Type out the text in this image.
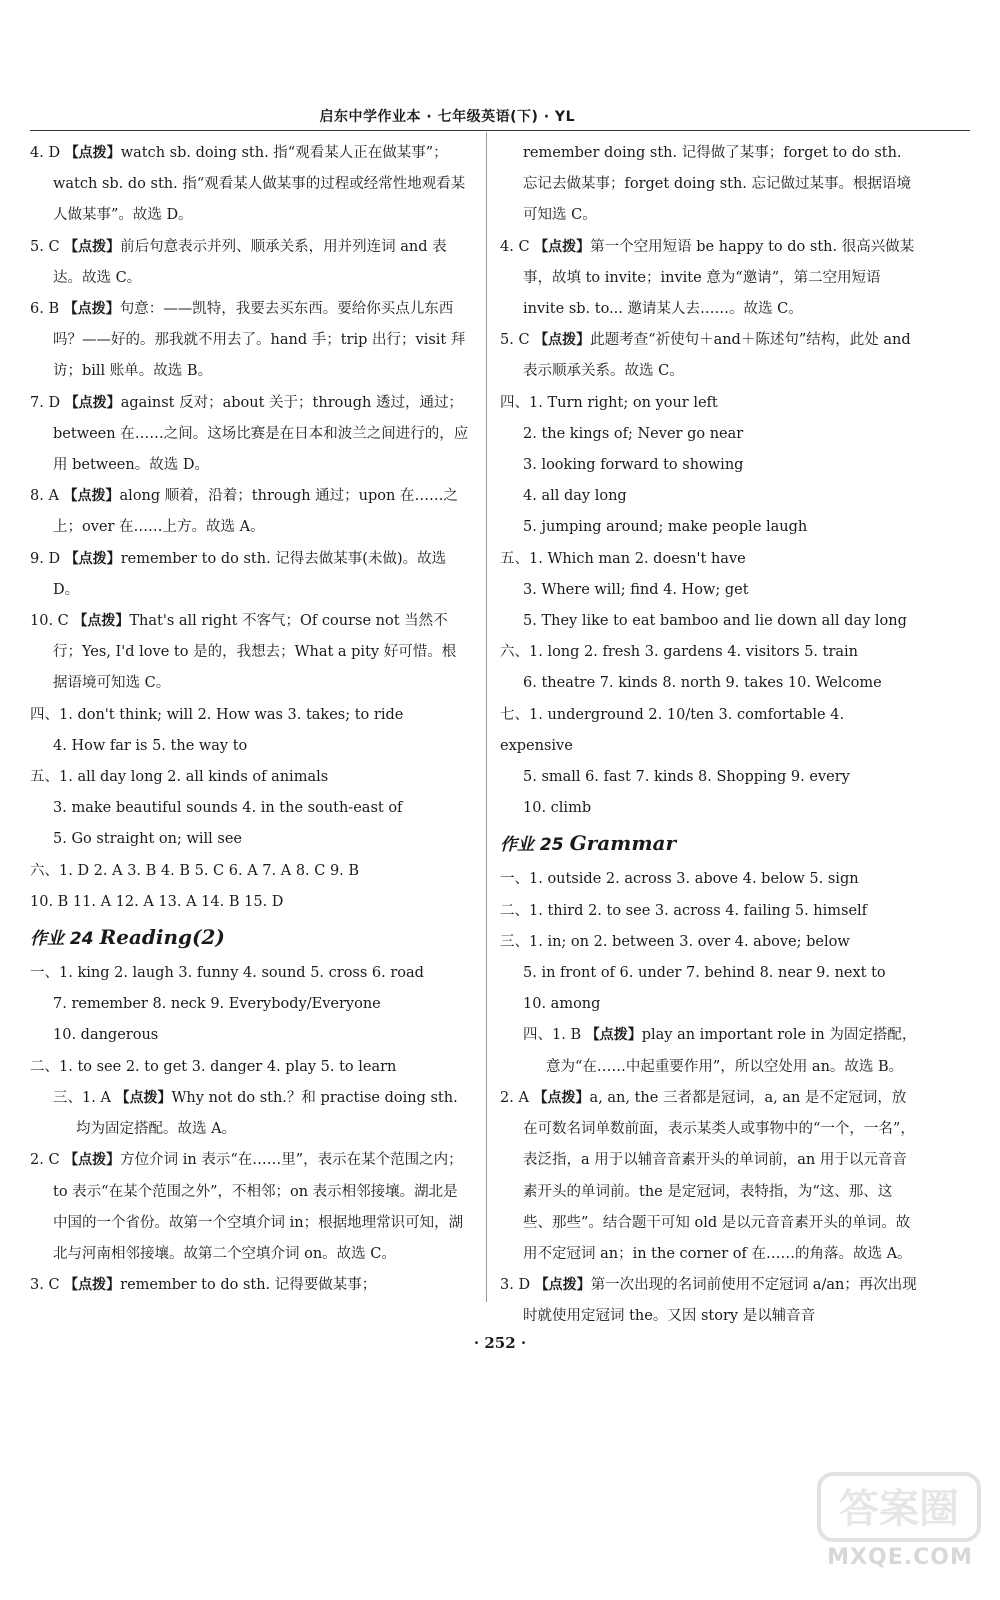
启东中学作业本 · 七年级英语(下) · YL
4. D 【点拨】watch sb. doing sth. 指“观看某人正在做某事”；watch sb. do sth. 指“观看某人做某事的过程或经常性地观看某人做某事”。故选 D。
5. C 【点拨】前后句意表示并列、顺承关系，用并列连词 and 表达。故选 C。
6. B 【点拨】句意：——凯特，我要去买东西。要给你买点儿东西吗？——好的。那我就不用去了。hand 手；trip 出行；visit 拜访；bill 账单。故选 B。
7. D 【点拨】against 反对；about 关于；through 透过，通过；between 在……之间。这场比赛是在日本和波兰之间进行的，应用 between。故选 D。
8. A 【点拨】along 顺着，沿着；through 通过；upon 在……之上；over 在……上方。故选 A。
9. D 【点拨】remember to do sth. 记得去做某事(未做)。故选 D。
10. C 【点拨】That's all right 不客气；Of course not 当然不行；Yes, I'd love to 是的，我想去；What a pity 好可惜。根据语境可知选 C。
四、1. don't think; will 2. How was 3. takes; to ride
4. How far is 5. the way to
五、1. all day long 2. all kinds of animals
3. make beautiful sounds 4. in the south-east of
5. Go straight on; will see
六、1. D 2. A 3. B 4. B 5. C 6. A 7. A 8. C 9. B
10. B 11. A 12. A 13. A 14. B 15. D
作业 24 Reading(2)
一、1. king 2. laugh 3. funny 4. sound 5. cross 6. road
7. remember 8. neck 9. Everybody/Everyone
10. dangerous
二、1. to see 2. to get 3. danger 4. play 5. to learn
三、1. A 【点拨】Why not do sth.？和 practise doing sth. 均为固定搭配。故选 A。
2. C 【点拨】方位介词 in 表示“在……里”，表示在某个范围之内；to 表示“在某个范围之外”，不相邻；on 表示相邻接壤。湖北是中国的一个省份。故第一个空填介词 in；根据地理常识可知，湖北与河南相邻接壤。故第二个空填介词 on。故选 C。
3. C 【点拨】remember to do sth. 记得要做某事；
remember doing sth. 记得做了某事；forget to do sth. 忘记去做某事；forget doing sth. 忘记做过某事。根据语境可知选 C。
4. C 【点拨】第一个空用短语 be happy to do sth. 很高兴做某事，故填 to invite；invite 意为“邀请”，第二空用短语 invite sb. to... 邀请某人去……。故选 C。
5. C 【点拨】此题考查“祈使句＋and＋陈述句”结构，此处 and 表示顺承关系。故选 C。
四、1. Turn right; on your left
2. the kings of; Never go near
3. looking forward to showing
4. all day long
5. jumping around; make people laugh
五、1. Which man 2. doesn't have
3. Where will; find 4. How; get
5. They like to eat bamboo and lie down all day long
六、1. long 2. fresh 3. gardens 4. visitors 5. train
6. theatre 7. kinds 8. north 9. takes 10. Welcome
七、1. underground 2. 10/ten 3. comfortable 4. expensive
5. small 6. fast 7. kinds 8. Shopping 9. every
10. climb
作业 25 Grammar
一、1. outside 2. across 3. above 4. below 5. sign
二、1. third 2. to see 3. across 4. failing 5. himself
三、1. in; on 2. between 3. over 4. above; below
5. in front of 6. under 7. behind 8. near 9. next to
10. among
四、1. B 【点拨】play an important role in 为固定搭配，意为“在……中起重要作用”，所以空处用 an。故选 B。
2. A 【点拨】a, an, the 三者都是冠词，a, an 是不定冠词，放在可数名词单数前面，表示某类人或事物中的“一个，一名”，表泛指，a 用于以辅音音素开头的单词前，an 用于以元音音素开头的单词前。the 是定冠词，表特指，为“这、那、这些、那些”。结合题干可知 old 是以元音音素开头的单词。故用不定冠词 an；in the corner of 在……的角落。故选 A。
3. D 【点拨】第一次出现的名词前使用不定冠词 a/an；再次出现时就使用定冠词 the。又因 story 是以辅音音
· 252 ·
答案圈
MXQE.COM
